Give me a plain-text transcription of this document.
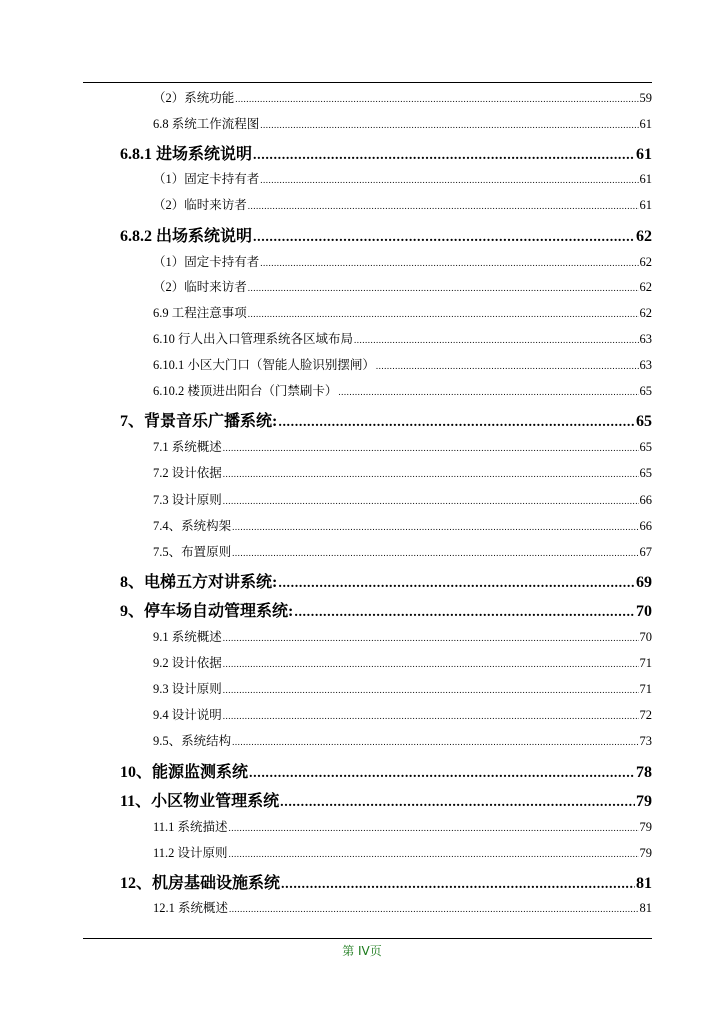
（2）系统功能 .....	59
6.8 系统工作流程图 .....	61
6.8.1 进场系统说明 .....	61
（1）固定卡持有者 .....	61
（2）临时来访者 .....	61
6.8.2 出场系统说明 .....	62
（1）固定卡持有者 .....	62
（2）临时来访者 .....	62
6.9 工程注意事项 .....	62
6.10 行人出入口管理系统各区域布局 .....	63
6.10.1 小区大门口（智能人脸识别摆闸） .....	63
6.10.2 楼顶进出阳台（门禁刷卡） .....	65
7、背景音乐广播系统: .....	65
7.1 系统概述 .....	65
7.2 设计依据 .....	65
7.3 设计原则 .....	66
7.4、系统构架 .....	66
7.5、布置原则 .....	67
8、电梯五方对讲系统: .....	69
9、停车场自动管理系统: .....	70
9.1 系统概述 .....	70
9.2 设计依据 .....	71
9.3 设计原则 .....	71
9.4 设计说明 .....	72
9.5、系统结构 .....	73
10、能源监测系统 .....	78
11、小区物业管理系统 .....	79
11.1 系统描述 .....	79
11.2 设计原则 .....	79
12、机房基础设施系统 .....	81
12.1 系统概述 .....	81
第 IV页
